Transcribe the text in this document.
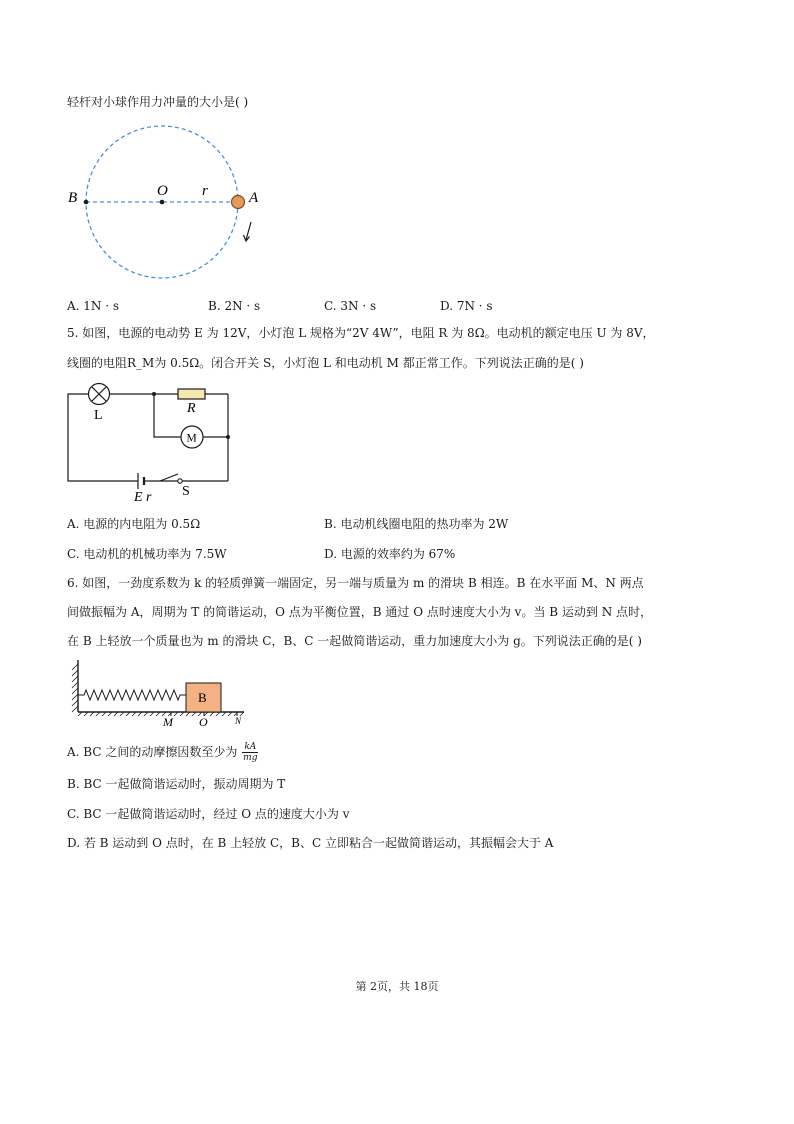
轻杆对小球作用力冲量的大小是( )
B	O r	A
A. 1N · s	B. 2N · s	C. 3N · s	D. 7N · s
5. 如图，电源的电动势 E 为 12V，小灯泡 L 规格为“2V 4W”，电阻 R 为 8Ω。电动机的额定电压 U 为 8V，
线圈的电阻R_M为 0.5Ω。闭合开关 S，小灯泡 L 和电动机 M 都正常工作。下列说法正确的是( )
L	R
M
E r S
A. 电源的内电阻为 0.5Ω	B. 电动机线圈电阻的热功率为 2W
C. 电动机的机械功率为 7.5W	D. 电源的效率约为 67%
6. 如图，一劲度系数为 k 的轻质弹簧一端固定，另一端与质量为 m 的滑块 B 相连。B 在水平面 M、N 两点
间做振幅为 A，周期为 T 的简谐运动，O 点为平衡位置，B 通过 O 点时速度大小为 v。当 B 运动到 N 点时，
在 B 上轻放一个质量也为 m 的滑块 C，B、C 一起做简谐运动，重力加速度大小为 g。下列说法正确的是( )
B
M O	N
A. BC 之间的动摩擦因数至少为 $\frac{kA}{mg}$
B. BC 一起做简谐运动时，振动周期为 T
C. BC 一起做简谐运动时，经过 O 点的速度大小为 v
D. 若 B 运动到 O 点时，在 B 上轻放 C，B、C 立即粘合一起做简谐运动，其振幅会大于 A
第 2页，共 18页
